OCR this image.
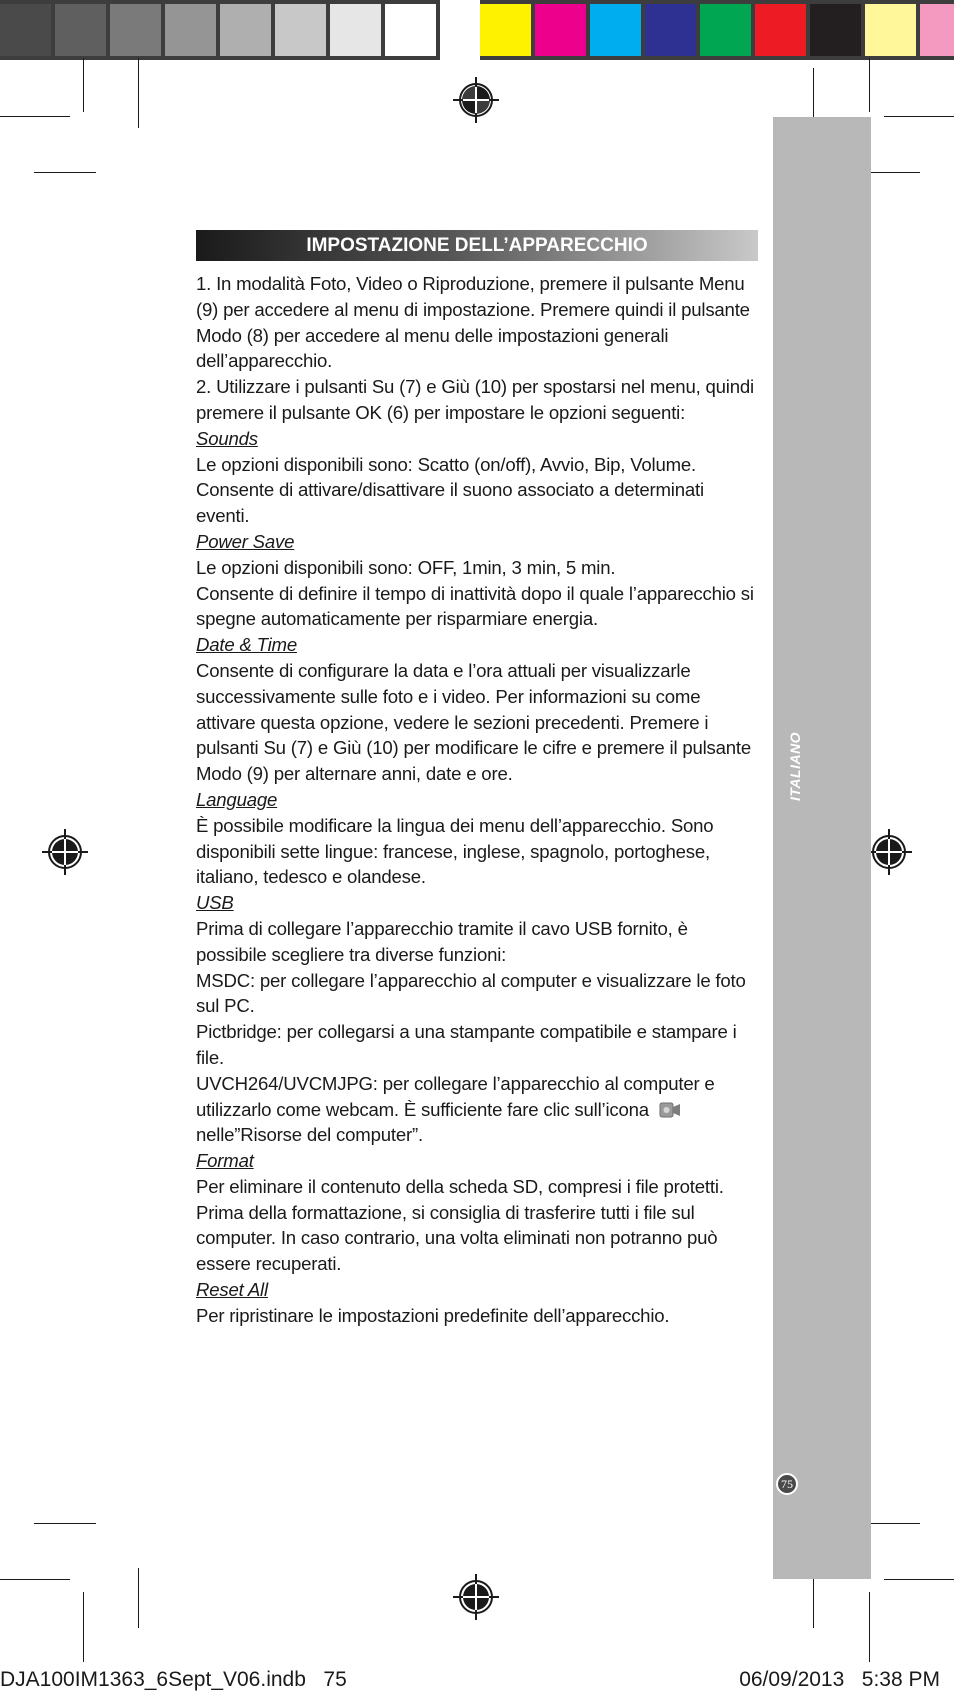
ITALIANO
75
IMPOSTAZIONE DELL’APPARECCHIO

1. In modalità Foto, Video o Riproduzione, premere il pulsante Menu (9) per accedere al menu di impostazione. Premere quindi il pulsante Modo (8) per accedere al menu delle impostazioni generali dell’apparecchio.

2. Utilizzare i pulsanti Su (7) e Giù (10) per spostarsi nel menu, quindi premere il pulsante OK (6) per impostare le opzioni seguenti:

Sounds

Le opzioni disponibili sono: Scatto (on/off), Avvio, Bip, Volume.

Consente di attivare/disattivare il suono associato a determinati eventi.

Power Save

Le opzioni disponibili sono: OFF, 1min, 3 min, 5 min.

Consente di definire il tempo di inattività dopo il quale l’apparecchio si spegne automaticamente per risparmiare energia.

Date & Time

Consente di configurare la data e l’ora attuali per visualizzarle successivamente sulle foto e i video. Per informazioni su come attivare questa opzione, vedere le sezioni precedenti. Premere i pulsanti Su (7) e Giù (10) per modificare le cifre e premere il pulsante Modo (9) per alternare anni, date e ore.

Language

È possibile modificare la lingua dei menu dell’apparecchio. Sono disponibili sette lingue: francese, inglese, spagnolo, portoghese, italiano, tedesco e olandese.

USB

Prima di collegare l’apparecchio tramite il cavo USB fornito, è possibile scegliere tra diverse funzioni:

MSDC: per collegare l’apparecchio al computer e visualizzare le foto sul PC.

Pictbridge: per collegarsi a una stampante compatibile e stampare i file.

UVCH264/UVCMJPG: per collegare l’apparecchio al computer e utilizzarlo come webcam. È sufficiente fare clic sull’icona
nelle”Risorse del computer”.

Format

Per eliminare il contenuto della scheda SD, compresi i file protetti. Prima della formattazione, si consiglia di trasferire tutti i file sul computer. In caso contrario, una volta eliminati non potranno può essere recuperati.

Reset All

Per ripristinare le impostazioni predefinite dell’apparecchio.

DJA100IM1363_6Sept_V06.indb   75	06/09/2013   5:38 PM
